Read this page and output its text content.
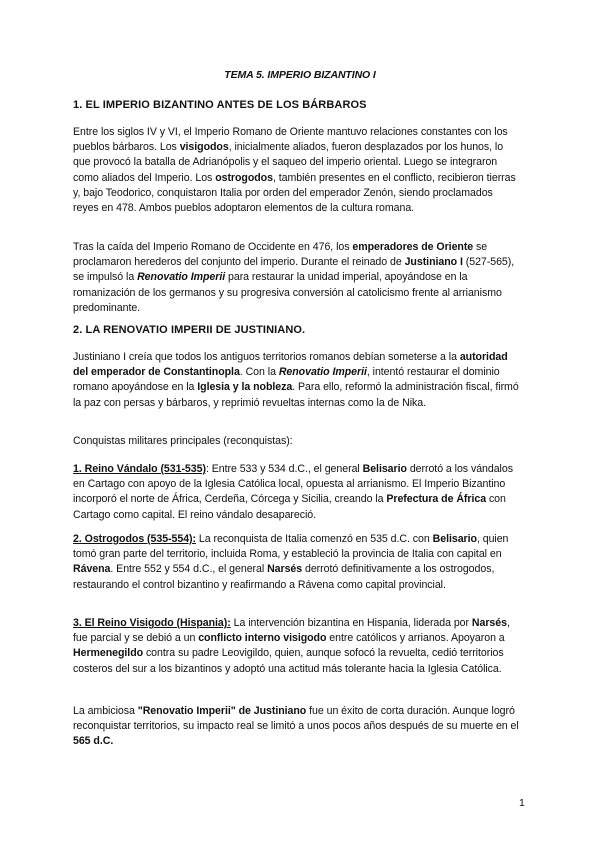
TEMA 5. IMPERIO BIZANTINO I
1. EL IMPERIO BIZANTINO ANTES DE LOS BÁRBAROS
Entre los siglos IV y VI, el Imperio Romano de Oriente mantuvo relaciones constantes con los pueblos bárbaros. Los visigodos, inicialmente aliados, fueron desplazados por los hunos, lo que provocó la batalla de Adrianópolis y el saqueo del imperio oriental. Luego se integraron como aliados del Imperio. Los ostrogodos, también presentes en el conflicto, recibieron tierras y, bajo Teodorico, conquistaron Italia por orden del emperador Zenón, siendo proclamados reyes en 478. Ambos pueblos adoptaron elementos de la cultura romana.
Tras la caída del Imperio Romano de Occidente en 476, los emperadores de Oriente se proclamaron herederos del conjunto del imperio. Durante el reinado de Justiniano I (527-565), se impulsó la Renovatio Imperii para restaurar la unidad imperial, apoyándose en la romanización de los germanos y su progresiva conversión al catolicismo frente al arrianismo predominante.
2. LA RENOVATIO IMPERII DE JUSTINIANO.
Justiniano I creía que todos los antiguos territorios romanos debían someterse a la autoridad del emperador de Constantinopla. Con la Renovatio Imperii, intentó restaurar el dominio romano apoyándose en la Iglesia y la nobleza. Para ello, reformó la administración fiscal, firmó la paz con persas y bárbaros, y reprimió revueltas internas como la de Nika.
Conquistas militares principales (reconquistas):
1. Reino Vándalo (531-535): Entre 533 y 534 d.C., el general Belisario derrotó a los vándalos en Cartago con apoyo de la Iglesia Católica local, opuesta al arrianismo. El Imperio Bizantino incorporó el norte de África, Cerdeña, Córcega y Sicilia, creando la Prefectura de África con Cartago como capital. El reino vándalo desapareció.
2. Ostrogodos (535-554): La reconquista de Italia comenzó en 535 d.C. con Belisario, quien tomó gran parte del territorio, incluida Roma, y estableció la provincia de Italia con capital en Rávena. Entre 552 y 554 d.C., el general Narsés derrotó definitivamente a los ostrogodos, restaurando el control bizantino y reafirmando a Rávena como capital provincial.
3. El Reino Visigodo (Hispania): La intervención bizantina en Hispania, liderada por Narsés, fue parcial y se debió a un conflicto interno visigodo entre católicos y arrianos. Apoyaron a Hermenegildo contra su padre Leovigildo, quien, aunque sofocó la revuelta, cedió territorios costeros del sur a los bizantinos y adoptó una actitud más tolerante hacia la Iglesia Católica.
La ambiciosa "Renovatio Imperii" de Justiniano fue un éxito de corta duración. Aunque logró reconquistar territorios, su impacto real se limitó a unos pocos años después de su muerte en el 565 d.C.
1
